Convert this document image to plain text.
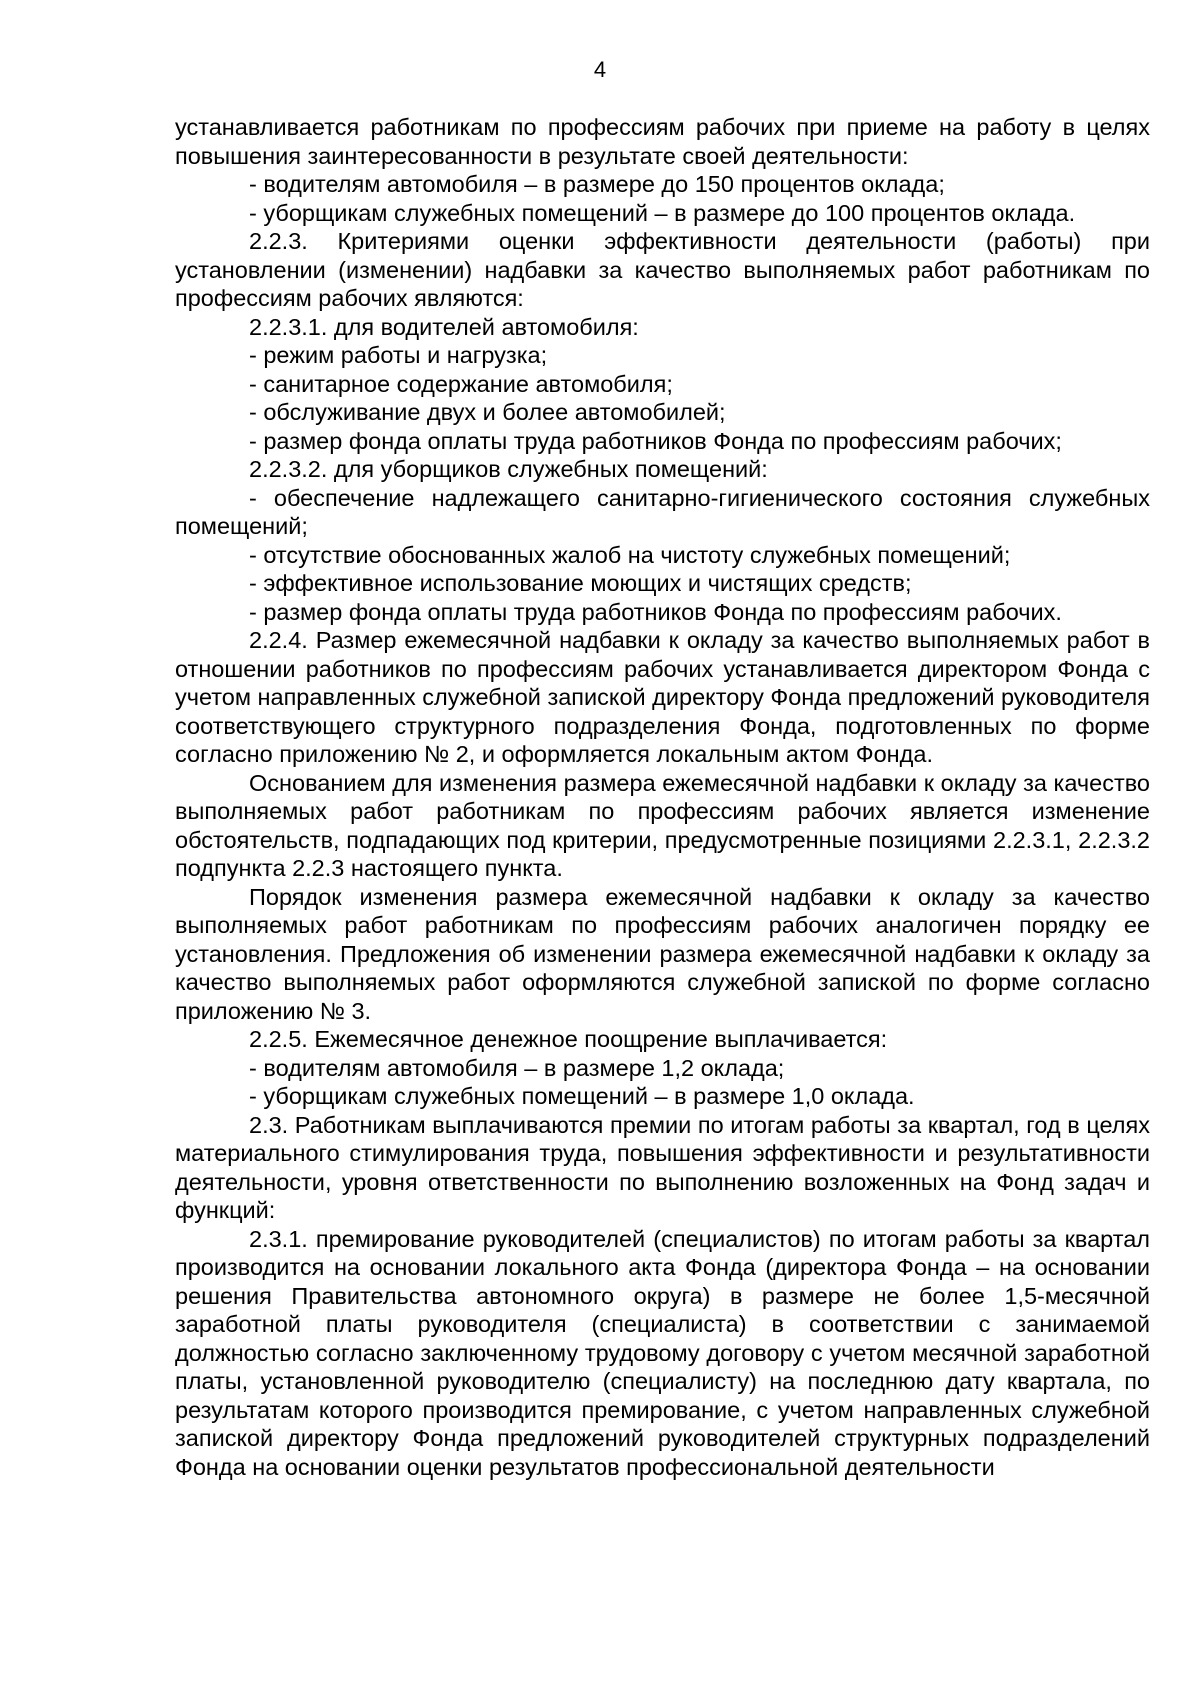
4

устанавливается работникам по профессиям рабочих при приеме на работу в целях повышения заинтересованности в результате своей деятельности:

- водителям автомобиля – в размере до 150 процентов оклада;

- уборщикам служебных помещений – в размере до 100 процентов оклада.

2.2.3. Критериями оценки эффективности деятельности (работы) при установлении (изменении) надбавки за качество выполняемых работ работникам по профессиям рабочих являются:

2.2.3.1. для водителей автомобиля:

- режим работы и нагрузка;

- санитарное содержание автомобиля;

- обслуживание двух и более автомобилей;

- размер фонда оплаты труда работников Фонда по профессиям рабочих;

2.2.3.2. для уборщиков служебных помещений:

- обеспечение надлежащего санитарно-гигиенического состояния служебных помещений;

- отсутствие обоснованных жалоб на чистоту служебных помещений;

- эффективное использование моющих и чистящих средств;

- размер фонда оплаты труда работников Фонда по профессиям рабочих.

2.2.4. Размер ежемесячной надбавки к окладу за качество выполняемых работ в отношении работников по профессиям рабочих устанавливается директором Фонда с учетом направленных служебной запиской директору Фонда предложений руководителя соответствующего структурного подразделения Фонда, подготовленных по форме согласно приложению № 2, и оформляется локальным актом Фонда.

Основанием для изменения размера ежемесячной надбавки к окладу за качество выполняемых работ работникам по профессиям рабочих является изменение обстоятельств, подпадающих под критерии, предусмотренные позициями 2.2.3.1, 2.2.3.2 подпункта 2.2.3 настоящего пункта.

Порядок изменения размера ежемесячной надбавки к окладу за качество выполняемых работ работникам по профессиям рабочих аналогичен порядку ее установления. Предложения об изменении размера ежемесячной надбавки к окладу за качество выполняемых работ оформляются служебной запиской по форме согласно приложению № 3.

2.2.5. Ежемесячное денежное поощрение выплачивается:

- водителям автомобиля – в размере 1,2 оклада;

- уборщикам служебных помещений – в размере 1,0 оклада.

2.3. Работникам выплачиваются премии по итогам работы за квартал, год в целях материального стимулирования труда, повышения эффективности и результативности деятельности, уровня ответственности по выполнению возложенных на Фонд задач и функций:

2.3.1. премирование руководителей (специалистов) по итогам работы за квартал производится на основании локального акта Фонда (директора Фонда – на основании решения Правительства автономного округа) в размере не более 1,5-месячной заработной платы руководителя (специалиста) в соответствии с занимаемой должностью согласно заключенному трудовому договору с учетом месячной заработной платы, установленной руководителю (специалисту) на последнюю дату квартала, по результатам которого производится премирование, с учетом направленных служебной запиской директору Фонда предложений руководителей структурных подразделений Фонда на основании оценки результатов профессиональной деятельности
